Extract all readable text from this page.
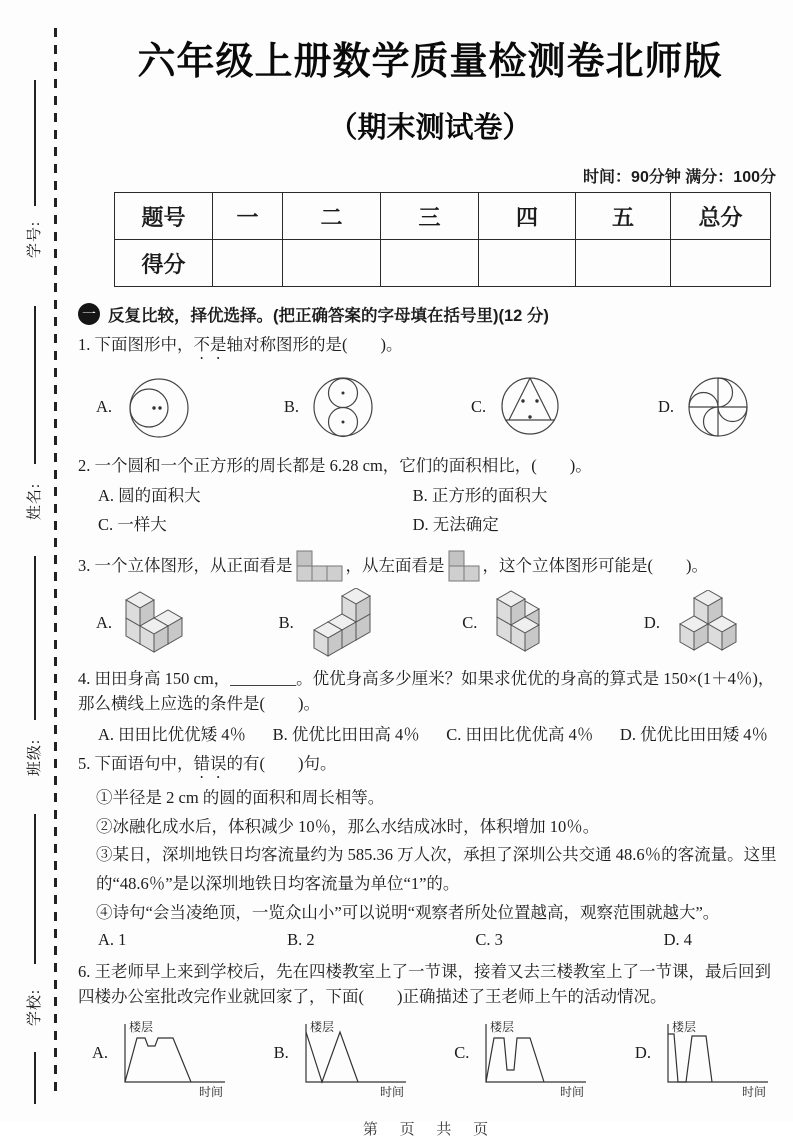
学号:
姓名:
班级:
学校:
六年级上册数学质量检测卷北师版
（期末测试卷）
时间：90分钟 满分：100分
题号	一	二	三	四	五	总分
得分						
一 反复比较，择优选择。(把正确答案的字母填在括号里)(12 分)
1. 下面图形中，不是轴对称图形的是(　　)。
A.	B.	C.	D.
2. 一个圆和一个正方形的周长都是 6.28 cm，它们的面积相比，(　　)。
A. 圆的面积大	B. 正方形的面积大
C. 一样大	D. 无法确定
3. 一个立体图形，从正面看是	，从左面看是 ，这个立体图形可能是(　　)。
A.	B.	C.	D.
4. 田田身高 150 cm，________。优优身高多少厘米？如果求优优的身高的算式是 150×(1＋4％)，那么横线上应选的条件是(　　)。
A. 田田比优优矮 4％ B. 优优比田田高 4％ C. 田田比优优高 4％ D. 优优比田田矮 4％
5. 下面语句中，错误的有(　　)句。
①半径是 2 cm 的圆的面积和周长相等。
②冰融化成水后，体积减少 10％，那么水结成冰时，体积增加 10％。
③某日，深圳地铁日均客流量约为 585.36 万人次，承担了深圳公共交通 48.6％的客流量。这里的“48.6％”是以深圳地铁日均客流量为单位“1”的。
④诗句“会当凌绝顶，一览众山小”可以说明“观察者所处位置越高，观察范围就越大”。
A. 1	B. 2	C. 3	D. 4
6. 王老师早上来到学校后，先在四楼教室上了一节课，接着又去三楼教室上了一节课，最后回到四楼办公室批改完作业就回家了，下面(　　)正确描述了王老师上午的活动情况。
A.
楼层
时间
B.
楼层
时间
C.
楼层
时间
D.
楼层
时间
第 页 共 页
